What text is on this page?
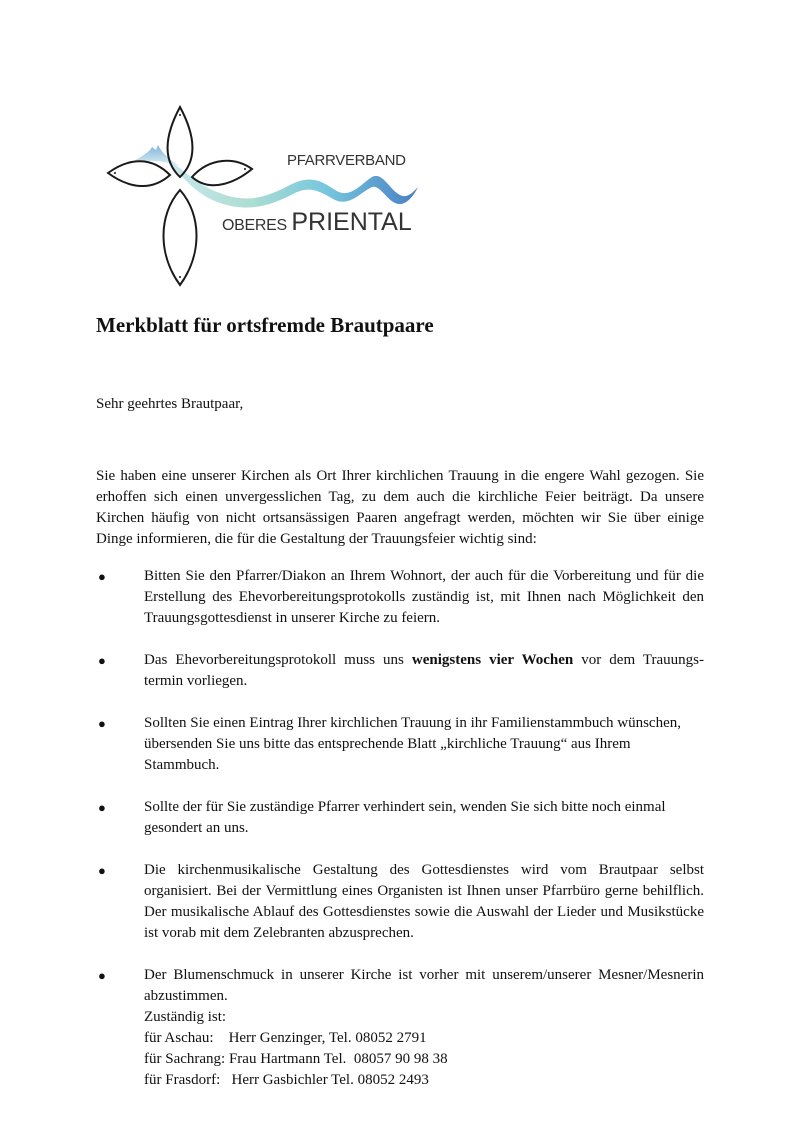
PFARRVERBAND
OBERES PRIENTAL
Merkblatt für ortsfremde Brautpaare

Sehr geehrtes Brautpaar,

Sie haben eine unserer Kirchen als Ort Ihrer kirchlichen Trauung in die engere Wahl gezogen. Sie erhoffen sich einen unvergesslichen Tag, zu dem auch die kirchliche Feier beiträgt. Da unsere Kirchen häufig von nicht ortsansässigen Paaren angefragt werden, möchten wir Sie über einige Dinge informieren, die für die Gestaltung der Trauungsfeier wichtig sind:

●	Bitten Sie den Pfarrer/Diakon an Ihrem Wohnort, der auch für die Vorbereitung und für die Erstellung des Ehevorbereitungsprotokolls zuständig ist, mit Ihnen nach Möglichkeit den Trauungsgottesdienst in unserer Kirche zu feiern.
●	Das Ehevorbereitungsprotokoll muss uns wenigstens vier Wochen vor dem Trauungs-termin vorliegen.
●	Sollten Sie einen Eintrag Ihrer kirchlichen Trauung in ihr Familienstammbuch wünschen, übersenden Sie uns bitte das entsprechende Blatt „kirchliche Trauung“ aus Ihrem Stammbuch.
●	Sollte der für Sie zuständige Pfarrer verhindert sein, wenden Sie sich bitte noch einmal gesondert an uns.
●	Die kirchenmusikalische Gestaltung des Gottesdienstes wird vom Brautpaar selbst organisiert. Bei der Vermittlung eines Organisten ist Ihnen unser Pfarrbüro gerne behilflich. Der musikalische Ablauf des Gottesdienstes sowie die Auswahl der Lieder und Musikstücke ist vorab mit dem Zelebranten abzusprechen.
●	Der Blumenschmuck in unserer Kirche ist vorher mit unserem/unserer Mesner/Mesnerin abzustimmen.
Zuständig ist:
für Aschau:    Herr Genzinger, Tel. 08052 2791
für Sachrang: Frau Hartmann Tel.  08057 90 98 38
für Frasdorf:   Herr Gasbichler Tel. 08052 2493
